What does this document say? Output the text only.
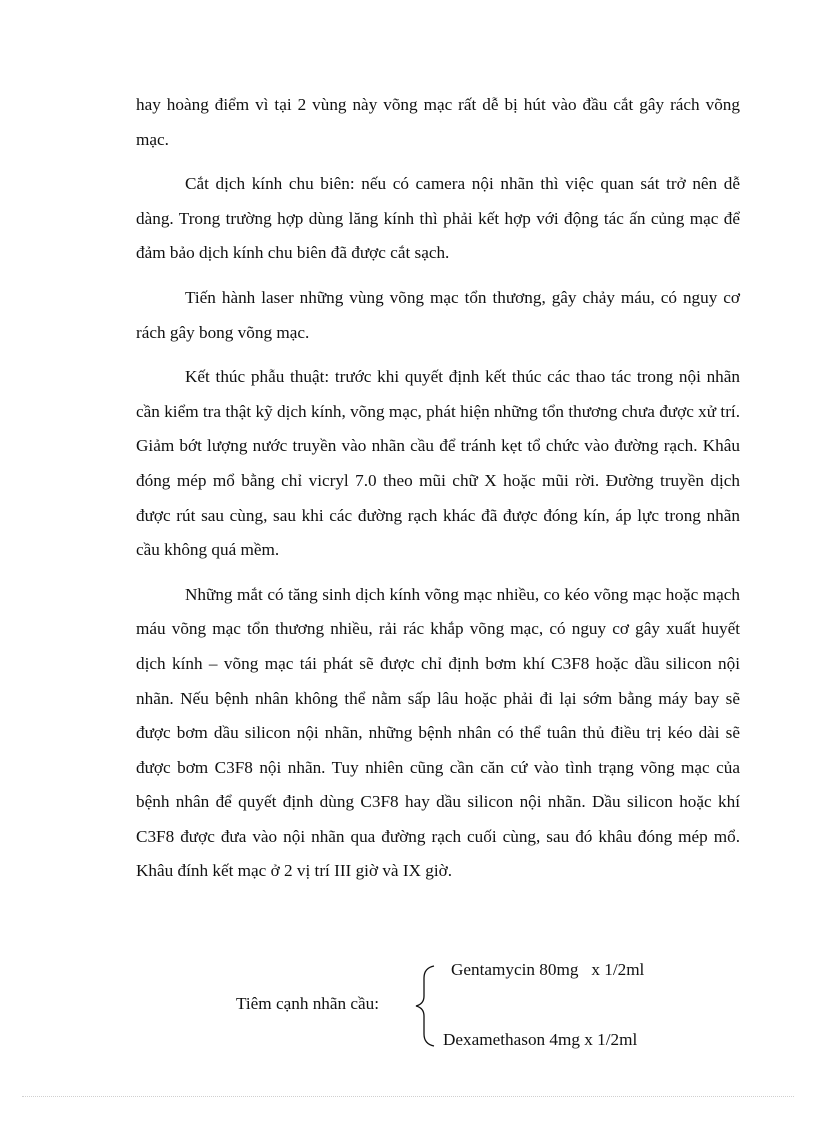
hay hoàng điểm vì tại 2 vùng này võng mạc rất dễ bị hút vào đầu cắt gây rách võng mạc.

Cắt dịch kính chu biên: nếu có camera nội nhãn thì việc quan sát trở nên dễ dàng. Trong trường hợp dùng lăng kính thì phải kết hợp với động tác ấn củng mạc để đảm bảo dịch kính chu biên đã được cắt sạch.

Tiến hành laser những vùng võng mạc tổn thương, gây chảy máu, có nguy cơ rách gây bong võng mạc.

Kết thúc phẫu thuật: trước khi quyết định kết thúc các thao tác trong nội nhãn cần kiểm tra thật kỹ dịch kính, võng mạc, phát hiện những tổn thương chưa được xử trí. Giảm bớt lượng nước truyền vào nhãn cầu để tránh kẹt tổ chức vào đường rạch. Khâu đóng mép mổ bằng chỉ vicryl 7.0 theo mũi chữ X hoặc mũi rời. Đường truyền dịch được rút sau cùng, sau khi các đường rạch khác đã được đóng kín, áp lực trong nhãn cầu không quá mềm.

Những mắt có tăng sinh dịch kính võng mạc nhiều, co kéo võng mạc hoặc mạch máu võng mạc tổn thương nhiều, rải rác khắp võng mạc, có nguy cơ gây xuất huyết dịch kính – võng mạc tái phát sẽ được chỉ định bơm khí C3F8 hoặc dầu silicon nội nhãn. Nếu bệnh nhân không thể nằm sấp lâu hoặc phải đi lại sớm bằng máy bay sẽ được bơm dầu silicon nội nhãn, những bệnh nhân có thể tuân thủ điều trị kéo dài sẽ được bơm C3F8 nội nhãn. Tuy nhiên cũng cần căn cứ vào tình trạng võng mạc của bệnh nhân để quyết định dùng C3F8 hay dầu silicon nội nhãn. Dầu silicon hoặc khí C3F8 được đưa vào nội nhãn qua đường rạch cuối cùng, sau đó khâu đóng mép mổ. Khâu đính kết mạc ở 2 vị trí III giờ và IX giờ.

Tiêm cạnh nhãn cầu:
Gentamycin 80mg   x 1/2ml
Dexamethason 4mg x 1/2ml
